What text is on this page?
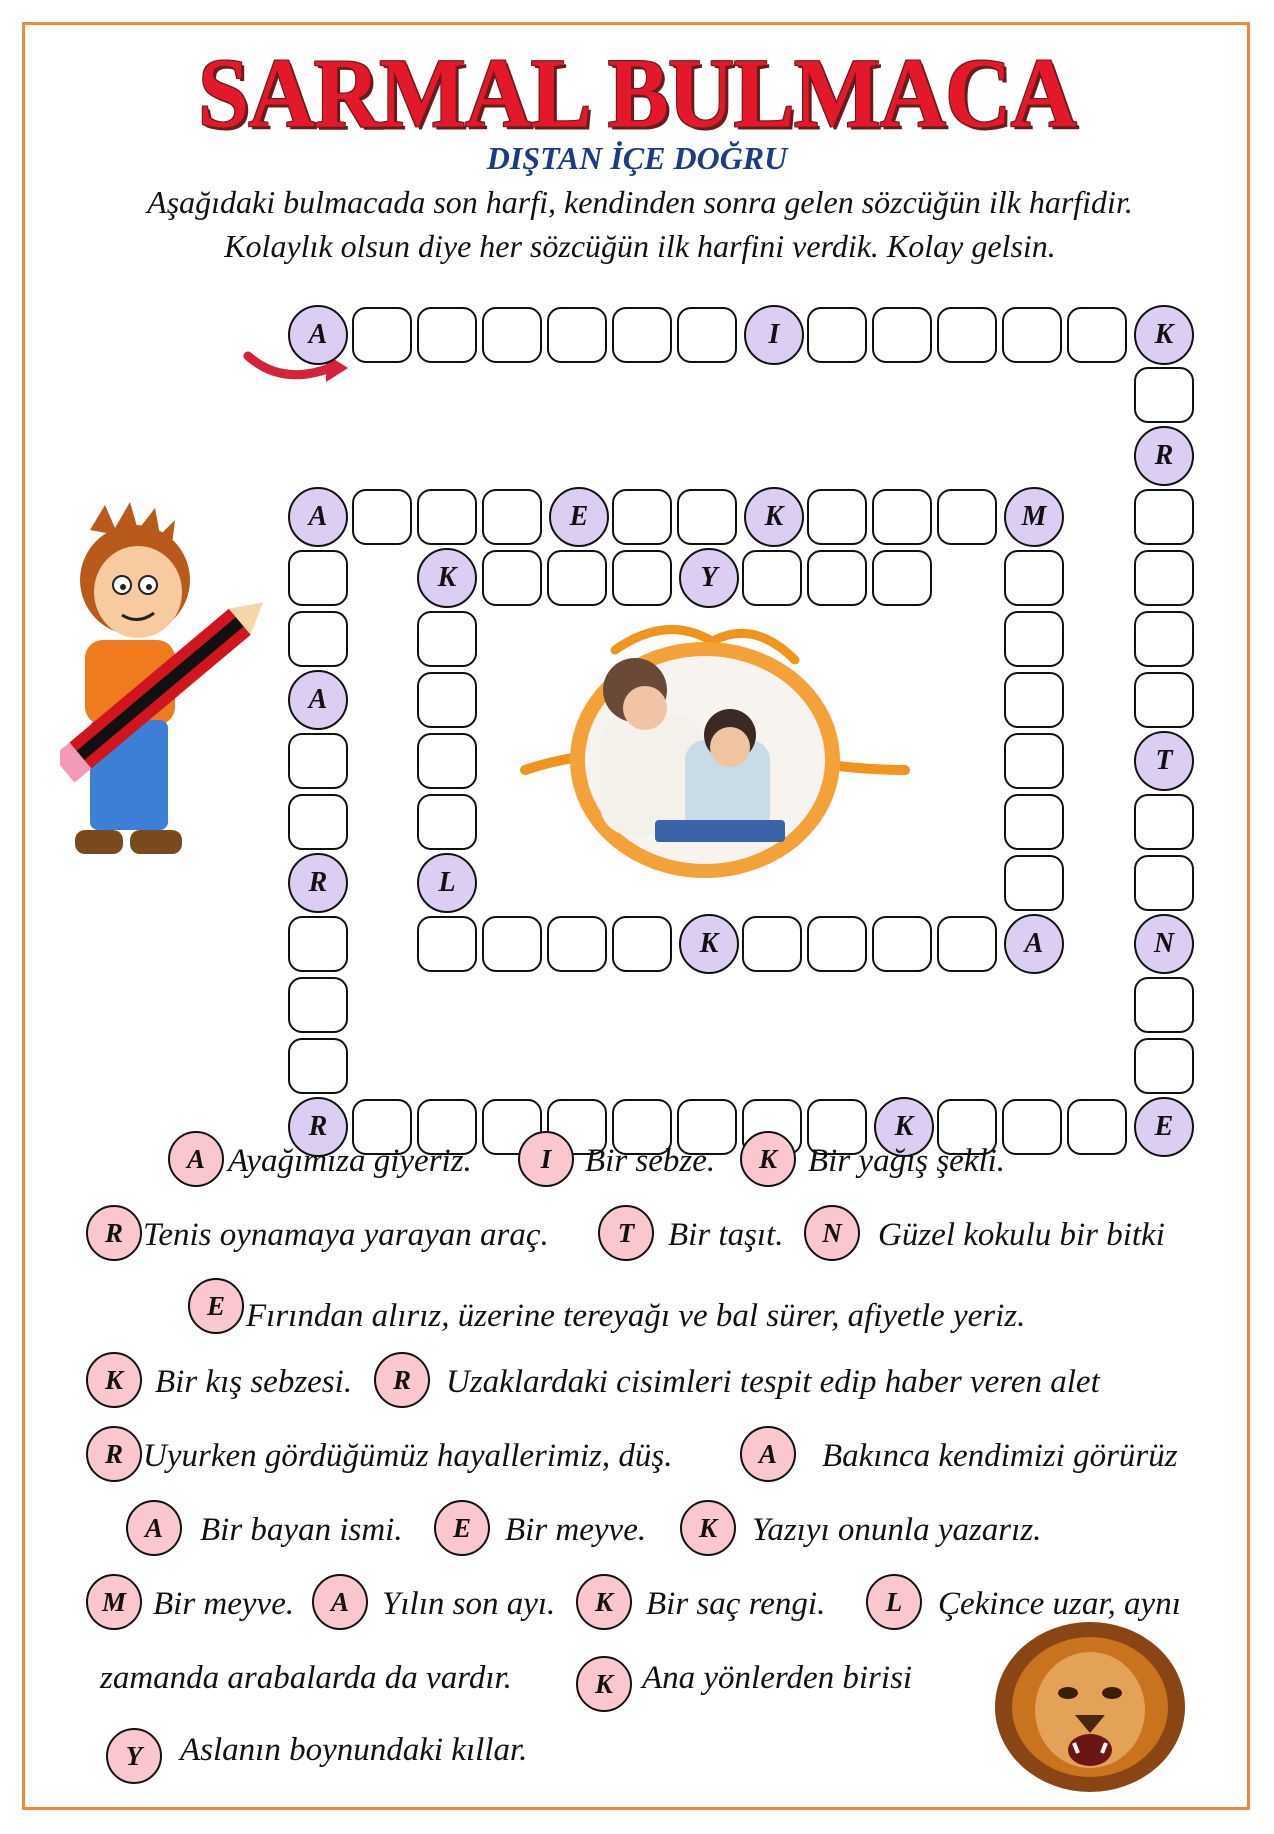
SARMAL BULMACA
DIŞTAN İÇE DOĞRU
Aşağıdaki bulmacada son harfi, kendinden sonra gelen sözcüğün ilk harfidir.
Kolaylık olsun diye her sözcüğün ilk harfini verdik. Kolay gelsin.
A	I	K
R
T
N
E
K
R
R
A
A	E	K	M
A
K
L
K	Y
A Ayağımıza giyeriz.	I	Bir sebze.	K Bir yağış şekli.
R Tenis oynamaya yarayan araç.	T	Bir taşıt.	N	Güzel kokulu bir bitki
E Fırından alırız, üzerine tereyağı ve bal sürer, afiyetle yeriz.
K Bir kış sebzesi.	R	Uzaklardaki cisimleri tespit edip haber veren alet
R Uyurken gördüğümüz hayallerimiz, düş.	A	Bakınca kendimizi görürüz
A	Bir bayan ismi.	E	Bir meyve.	K	Yazıyı onunla yazarız.
M Bir meyve.	A	Yılın son ayı.	K	Bir saç rengi.	L	Çekince uzar, aynı
zamanda arabalarda da vardır.	K Ana yönlerden birisi
Y	Aslanın boynundaki kıllar.
